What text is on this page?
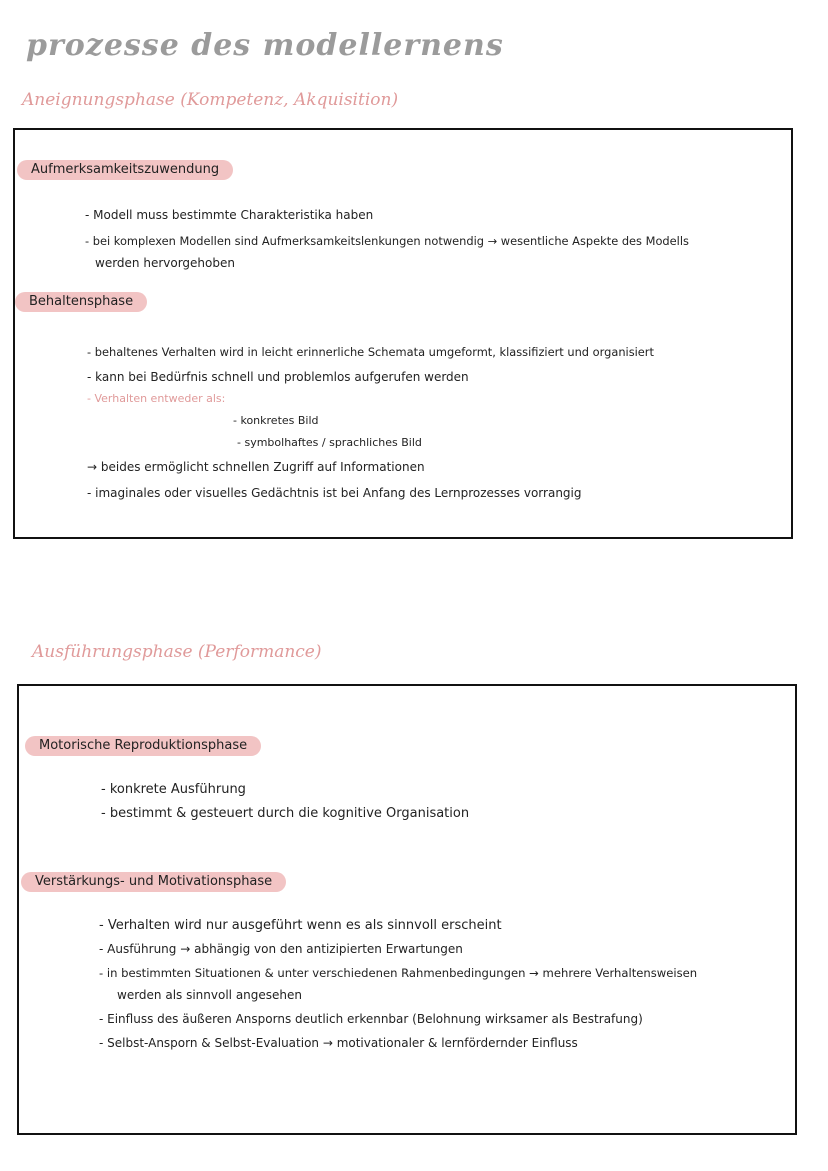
prozesse des modellernens
Aneignungsphase (Kompetenz, Akquisition)
Aufmerksamkeitszuwendung
- Modell muss bestimmte Charakteristika haben
- bei komplexen Modellen sind Aufmerksamkeitslenkungen notwendig → wesentliche Aspekte des Modells
werden hervorgehoben
Behaltensphase
- behaltenes Verhalten wird in leicht erinnerliche Schemata umgeformt, klassifiziert und organisiert
- kann bei Bedürfnis schnell und problemlos aufgerufen werden
- Verhalten entweder als:
- konkretes Bild
- symbolhaftes / sprachliches Bild
→ beides ermöglicht schnellen Zugriff auf Informationen
- imaginales oder visuelles Gedächtnis ist bei Anfang des Lernprozesses vorrangig
Ausführungsphase (Performance)
Motorische Reproduktionsphase
- konkrete Ausführung
- bestimmt & gesteuert durch die kognitive Organisation
Verstärkungs- und Motivationsphase
- Verhalten wird nur ausgeführt wenn es als sinnvoll erscheint
- Ausführung → abhängig von den antizipierten Erwartungen
- in bestimmten Situationen & unter verschiedenen Rahmenbedingungen → mehrere Verhaltensweisen
werden als sinnvoll angesehen
- Einfluss des äußeren Ansporns deutlich erkennbar (Belohnung wirksamer als Bestrafung)
- Selbst-Ansporn & Selbst-Evaluation → motivationaler & lernfördernder Einfluss
